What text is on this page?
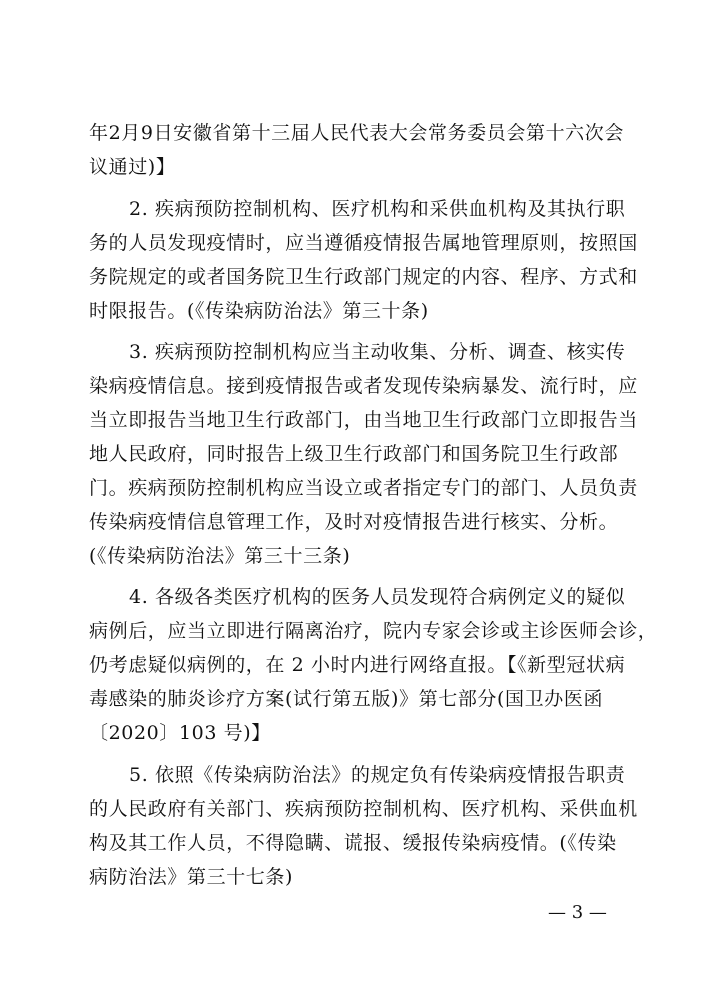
年2月9日安徽省第十三届人民代表大会常务委员会第十六次会
议通过)】
2. 疾病预防控制机构、医疗机构和采供血机构及其执行职
务的人员发现疫情时，应当遵循疫情报告属地管理原则，按照国
务院规定的或者国务院卫生行政部门规定的内容、程序、方式和
时限报告。(《传染病防治法》第三十条)
3. 疾病预防控制机构应当主动收集、分析、调查、核实传
染病疫情信息。接到疫情报告或者发现传染病暴发、流行时，应
当立即报告当地卫生行政部门，由当地卫生行政部门立即报告当
地人民政府，同时报告上级卫生行政部门和国务院卫生行政部
门。疾病预防控制机构应当设立或者指定专门的部门、人员负责
传染病疫情信息管理工作，及时对疫情报告进行核实、分析。
(《传染病防治法》第三十三条)
4. 各级各类医疗机构的医务人员发现符合病例定义的疑似
病例后，应当立即进行隔离治疗，院内专家会诊或主诊医师会诊，
仍考虑疑似病例的，在 2 小时内进行网络直报。【《新型冠状病
毒感染的肺炎诊疗方案(试行第五版)》第七部分(国卫办医函
〔2020〕103 号)】
5. 依照《传染病防治法》的规定负有传染病疫情报告职责
的人民政府有关部门、疾病预防控制机构、医疗机构、采供血机
构及其工作人员，不得隐瞒、谎报、缓报传染病疫情。(《传染
病防治法》第三十七条)
— 3 —
